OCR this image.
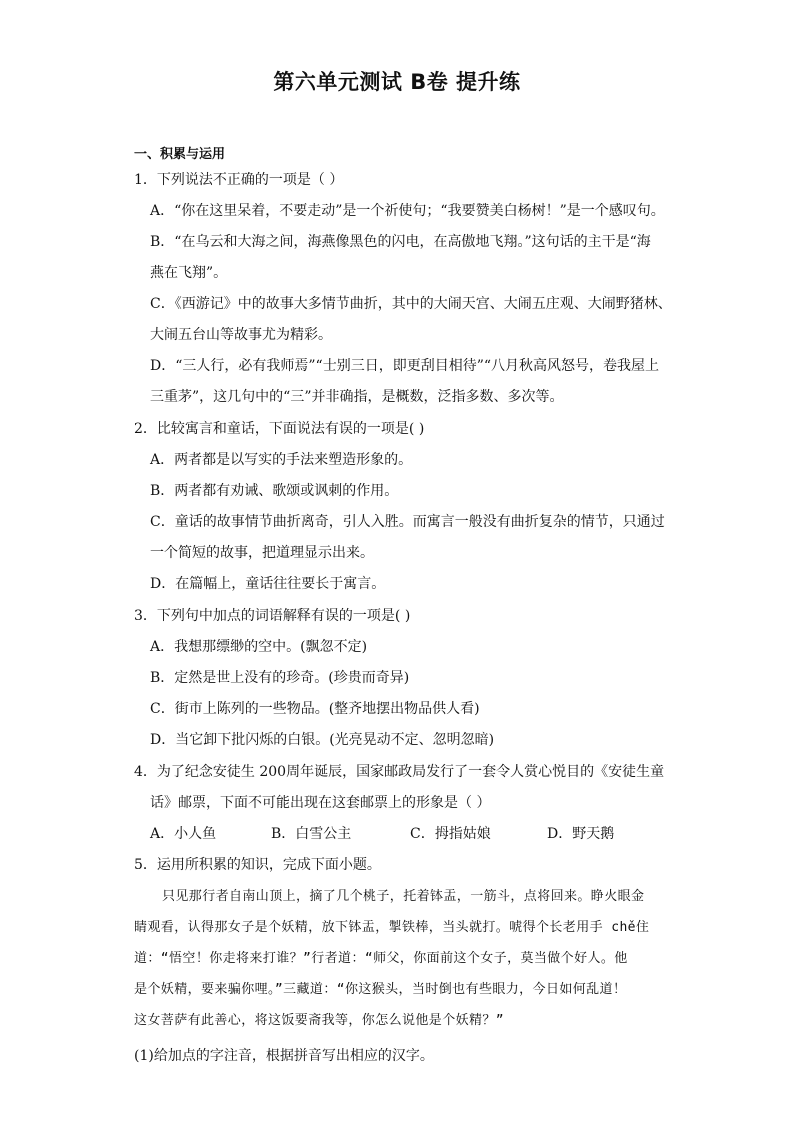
第六单元测试 B卷 提升练
一、积累与运用
1．下列说法不正确的一项是（ ）
A．“你在这里呆着，不要走动”是一个祈使句；“我要赞美白杨树！”是一个感叹句。
B．“在乌云和大海之间，海燕像黑色的闪电，在高傲地飞翔。”这句话的主干是“海
燕在飞翔”。
C．《西游记》中的故事大多情节曲折，其中的大闹天宫、大闹五庄观、大闹野猪林、
大闹五台山等故事尤为精彩。
D．“三人行，必有我师焉”“士别三日，即更刮目相待”“八月秋高风怒号，卷我屋上
三重茅”，这几句中的“三”并非确指，是概数，泛指多数、多次等。
2．比较寓言和童话，下面说法有误的一项是( )
A．两者都是以写实的手法来塑造形象的。
B．两者都有劝诫、歌颂或讽刺的作用。
C．童话的故事情节曲折离奇，引人入胜。而寓言一般没有曲折复杂的情节，只通过
一个简短的故事，把道理显示出来。
D．在篇幅上，童话往往要长于寓言。
3．下列句中加点的词语解释有误的一项是( )
A．我想那缥缈的空中。(飘忽不定)
B．定然是世上没有的珍奇。(珍贵而奇异)
C．街市上陈列的一些物品。(整齐地摆出物品供人看)
D．当它卸下批闪烁的白银。(光亮晃动不定、忽明忽暗)
4．为了纪念安徒生 200周年诞辰，国家邮政局发行了一套令人赏心悦目的《安徒生童
话》邮票，下面不可能出现在这套邮票上的形象是（ ）
A．小人鱼	B．白雪公主	C．拇指姑娘	D．野天鹅
5．运用所积累的知识，完成下面小题。
只见那行者自南山顶上，摘了几个桃子，托着钵盂，一筋斗，点将回来。睁火眼金
睛观看，认得那女子是个妖精，放下钵盂，掣铁棒，当头就打。唬得个长老用手 chě住
道：“悟空！你走将来打谁？”行者道：“师父，你面前这个女子，莫当做个好人。他
是个妖精，要来骗你哩。”三藏道：“你这猴头，当时倒也有些眼力，今日如何乱道！
这女菩萨有此善心，将这饭要斋我等，你怎么说他是个妖精？”
(1)给加点的字注音，根据拼音写出相应的汉字。
